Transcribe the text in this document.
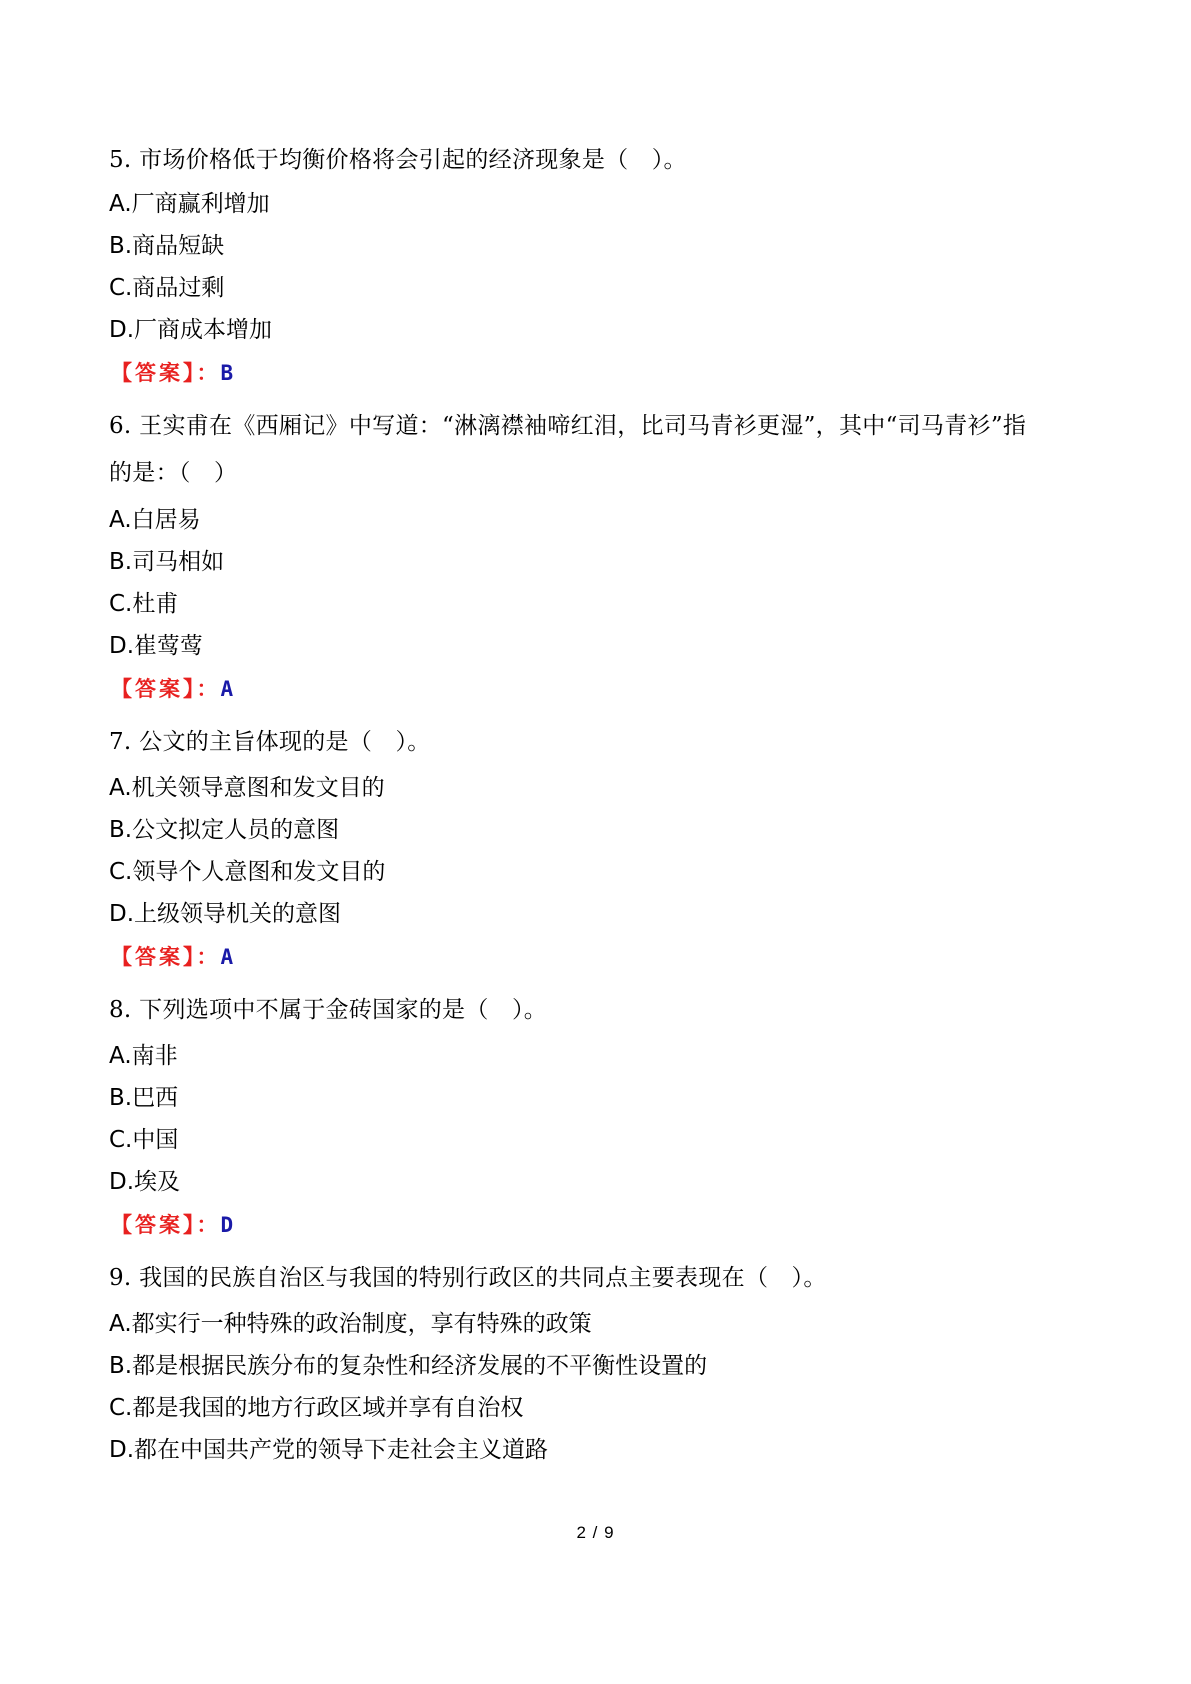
5. 市场价格低于均衡价格将会引起的经济现象是（　）。
A.厂商赢利增加
B.商品短缺
C.商品过剩
D.厂商成本增加
【答案】：B
6. 王实甫在《西厢记》中写道：“淋漓襟袖啼红泪，比司马青衫更湿”，其中“司马青衫”指
的是：（　）
A.白居易
B.司马相如
C.杜甫
D.崔莺莺
【答案】：A
7. 公文的主旨体现的是（　）。
A.机关领导意图和发文目的
B.公文拟定人员的意图
C.领导个人意图和发文目的
D.上级领导机关的意图
【答案】：A
8. 下列选项中不属于金砖国家的是（　）。
A.南非
B.巴西
C.中国
D.埃及
【答案】：D
9. 我国的民族自治区与我国的特别行政区的共同点主要表现在（　）。
A.都实行一种特殊的政治制度，享有特殊的政策
B.都是根据民族分布的复杂性和经济发展的不平衡性设置的
C.都是我国的地方行政区域并享有自治权
D.都在中国共产党的领导下走社会主义道路
2 / 9
